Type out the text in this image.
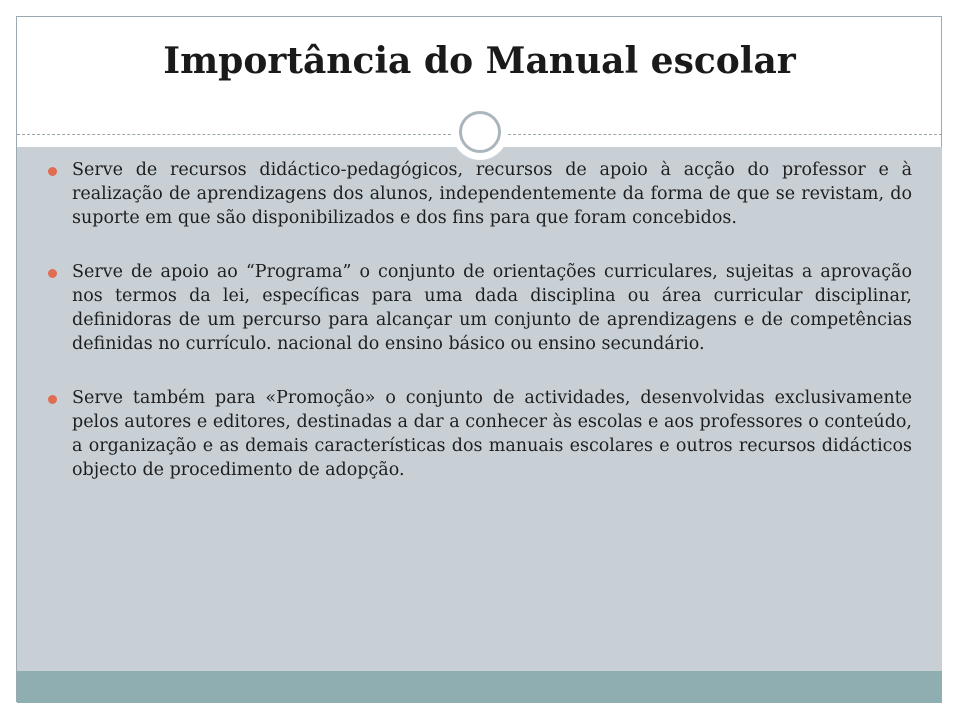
Importância do Manual escolar
Serve de recursos didáctico-pedagógicos, recursos de apoio à acção do professor e à realização de aprendizagens dos alunos, independentemente da forma de que se revistam, do suporte em que são disponibilizados e dos fins para que foram concebidos.
Serve de apoio ao “Programa” o conjunto de orientações curriculares, sujeitas a aprovação nos termos da lei, específicas para uma dada disciplina ou área curricular disciplinar, definidoras de um percurso para alcançar um conjunto de aprendizagens e de competências definidas no currículo. nacional do ensino básico ou ensino secundário.
Serve também para «Promoção» o conjunto de actividades, desenvolvidas exclusivamente pelos autores e editores, destinadas a dar a conhecer às escolas e aos professores o conteúdo, a organização e as demais características dos manuais escolares e outros recursos didácticos objecto de procedimento de adopção.
